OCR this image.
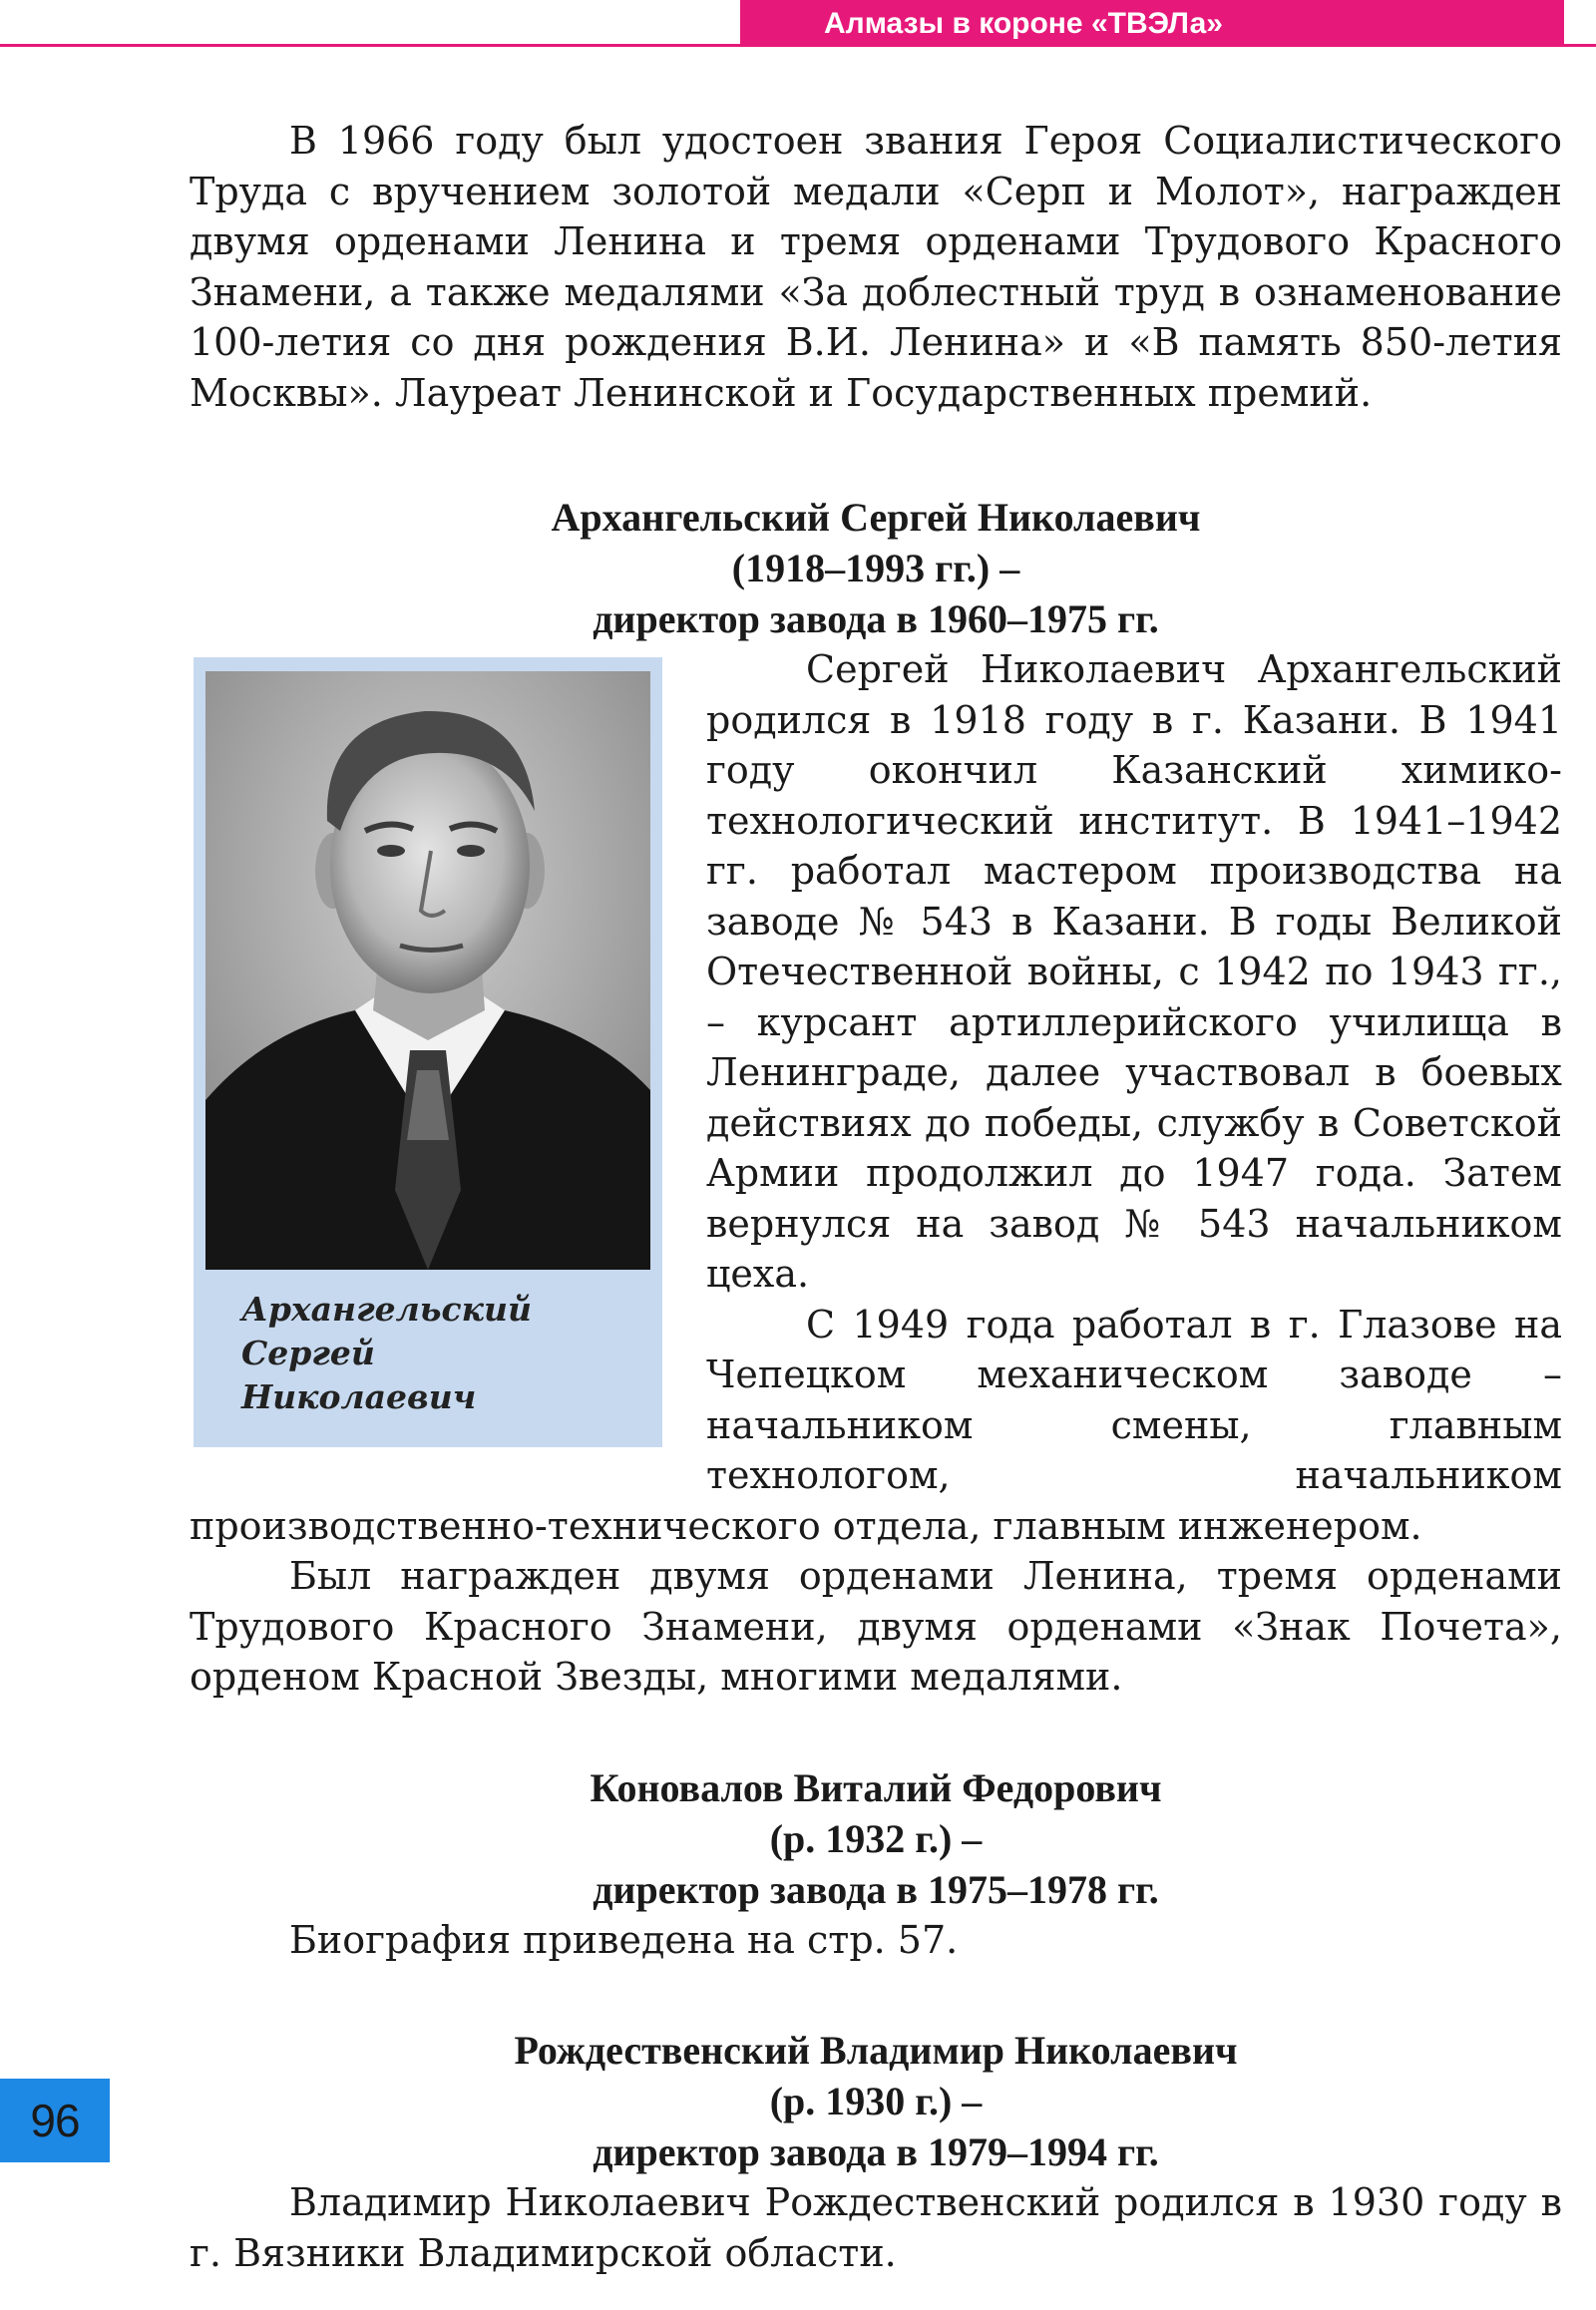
Алмазы в короне «ТВЭЛа»
96

В 1966 году был удостоен звания Героя Социалистического Труда с вручением золотой медали «Серп и Молот», награжден двумя орденами Ленина и тремя орденами Трудового Красного Знамени, а также медалями «За доблестный труд в ознаменование 100-летия со дня рождения В.И. Ленина» и «В память 850-летия Москвы». Лауреат Ленинской и Государственных премий.

Архангельский Сергей Николаевич
(1918–1993 гг.) –
директор завода в 1960–1975 гг.
Архангельский
Сергей
Николаевич

Сергей Николаевич Архангельский родился в 1918 году в г. Казани. В 1941 году окончил Казанский химико-технологический институт. В 1941–1942 гг. работал мастером производства на заводе № 543 в Казани. В годы Великой Отечественной войны, с 1942 по 1943 гг., – курсант артиллерийского училища в Ленинграде, далее участвовал в боевых действиях до победы, службу в Советской Армии продолжил до 1947 года. Затем вернулся на завод № 543 начальником цеха.

С 1949 года работал в г. Глазове на Чепецком механическом заводе – начальником смены, главным технологом, начальником производственно-технического отдела, главным инженером.

Был награжден двумя орденами Ленина, тремя орденами Трудового Красного Знамени, двумя орденами «Знак Почета», орденом Красной Звезды, многими медалями.

Коновалов Виталий Федорович
(р. 1932 г.) –
директор завода в 1975–1978 гг.

Биография приведена на стр. 57.

Рождественский Владимир Николаевич
(р. 1930 г.) –
директор завода в 1979–1994 гг.

Владимир Николаевич Рождественский родился в 1930 году в г. Вязники Владимирской области.
